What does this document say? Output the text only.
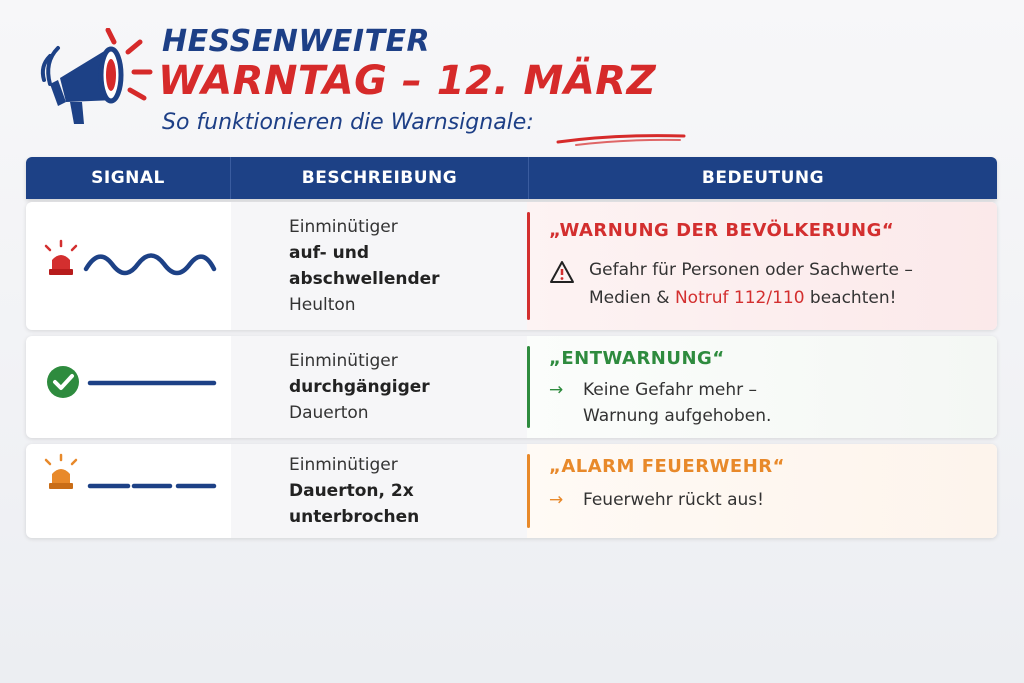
HESSENWEITER
WARNTAG – 12. MÄRZ
So funktionieren die Warnsignale:
SIGNAL	BESCHREIBUNG	BEDEUTUNG
Einminütiger
auf- und
abschwellender
Heulton
„WARNUNG DER BEVÖLKERUNG“
Gefahr für Personen oder Sachwerte –
Medien & Notruf 112/110 beachten!
Einminütiger
durchgängiger
Dauerton
„ENTWARNUNG“
→ Keine Gefahr mehr –
Warnung aufgehoben.
Einminütiger
Dauerton, 2x
unterbrochen
„ALARM FEUERWEHR“
→ Feuerwehr rückt aus!
